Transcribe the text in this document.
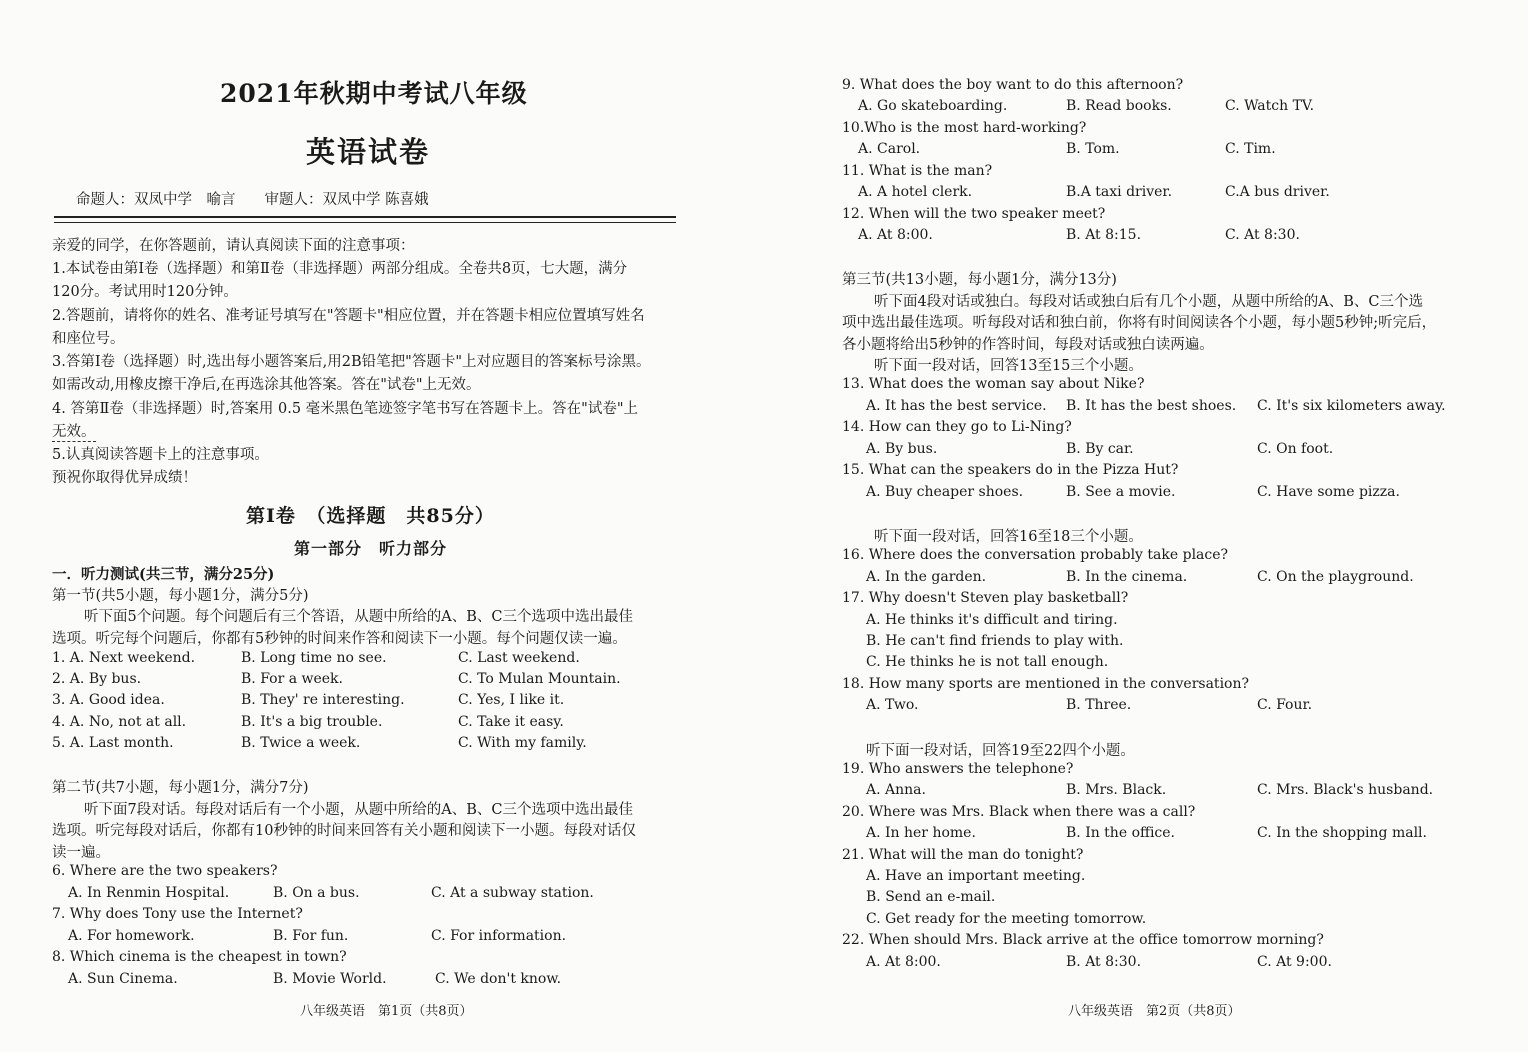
2021年秋期中考试八年级
英语试卷
命题人：双凤中学　喻言　　审题人：双凤中学 陈喜娥
亲爱的同学，在你答题前，请认真阅读下面的注意事项：
1.本试卷由第Ⅰ卷（选择题）和第Ⅱ卷（非选择题）两部分组成。全卷共8页，七大题，满分
120分。考试用时120分钟。
2.答题前，请将你的姓名、准考证号填写在"答题卡"相应位置，并在答题卡相应位置填写姓名
和座位号。
3.答第Ⅰ卷（选择题）时,选出每小题答案后,用2B铅笔把"答题卡"上对应题目的答案标号涂黑。
如需改动,用橡皮擦干净后,在再选涂其他答案。答在"试卷"上无效。
4. 答第Ⅱ卷（非选择题）时,答案用 0.5 毫米黑色笔迹签字笔书写在答题卡上。答在"试卷"上
无效。
5.认真阅读答题卡上的注意事项。
预祝你取得优异成绩！
第Ⅰ卷　（选择题　共85分）
第一部分　听力部分
一．听力测试(共三节，满分25分)
第一节(共5小题，每小题1分，满分5分)
听下面5个问题。每个问题后有三个答语，从题中所给的A、B、C三个选项中选出最佳
选项。听完每个问题后，你都有5秒钟的时间来作答和阅读下一小题。每个问题仅读一遍。
1. A. Next weekend.	B. Long time no see.	C. Last weekend.
2. A. By bus.	B. For a week.	C. To Mulan Mountain.
3. A. Good idea.	B. They' re interesting.	C. Yes, I like it.
4. A. No, not at all.	B. It's a big trouble.	C. Take it easy.
5. A. Last month.	B. Twice a week.	C. With my family.
第二节(共7小题，每小题1分，满分7分)
听下面7段对话。每段对话后有一个小题，从题中所给的A、B、C三个选项中选出最佳
选项。听完每段对话后，你都有10秒钟的时间来回答有关小题和阅读下一小题。每段对话仅
读一遍。
6. Where are the two speakers?
A. In Renmin Hospital.	B. On a bus.	C. At a subway station.
7. Why does Tony use the Internet?
A. For homework.	B. For fun.	C. For information.
8. Which cinema is the cheapest in town?
A. Sun Cinema.	B. Movie World.	C. We don't know.
八年级英语　第1页（共8页）
9. What does the boy want to do this afternoon?
A. Go skateboarding.	B. Read books.	C. Watch TV.
10.Who is the most hard-working?
A. Carol.	B. Tom.	C. Tim.
11. What is the man?
A. A hotel clerk.	B.A taxi driver.	C.A bus driver.
12. When will the two speaker meet?
A. At 8:00.	B. At 8:15.	C. At 8:30.
第三节(共13小题，每小题1分，满分13分)
听下面4段对话或独白。每段对话或独白后有几个小题，从题中所给的A、B、C三个选
项中选出最佳选项。听每段对话和独白前，你将有时间阅读各个小题，每小题5秒钟;听完后，
各小题将给出5秒钟的作答时间，每段对话或独白读两遍。
听下面一段对话，回答13至15三个小题。
13. What does the woman say about Nike?
A. It has the best service. B. It has the best shoes. C. It's six kilometers away.
14. How can they go to Li-Ning?
A. By bus.	B. By car.	C. On foot.
15. What can the speakers do in the Pizza Hut?
A. Buy cheaper shoes.	B. See a movie.	C. Have some pizza.
听下面一段对话，回答16至18三个小题。
16. Where does the conversation probably take place?
A. In the garden.	B. In the cinema.	C. On the playground.
17. Why doesn't Steven play basketball?
A. He thinks it's difficult and tiring.
B. He can't find friends to play with.
C. He thinks he is not tall enough.
18. How many sports are mentioned in the conversation?
A. Two.	B. Three.	C. Four.
听下面一段对话，回答19至22四个小题。
19. Who answers the telephone?
A. Anna.	B. Mrs. Black.	C. Mrs. Black's husband.
20. Where was Mrs. Black when there was a call?
A. In her home.	B. In the office.	C. In the shopping mall.
21. What will the man do tonight?
A. Have an important meeting.
B. Send an e-mail.
C. Get ready for the meeting tomorrow.
22. When should Mrs. Black arrive at the office tomorrow morning?
A. At 8:00.	B. At 8:30.	C. At 9:00.
八年级英语　第2页（共8页）
